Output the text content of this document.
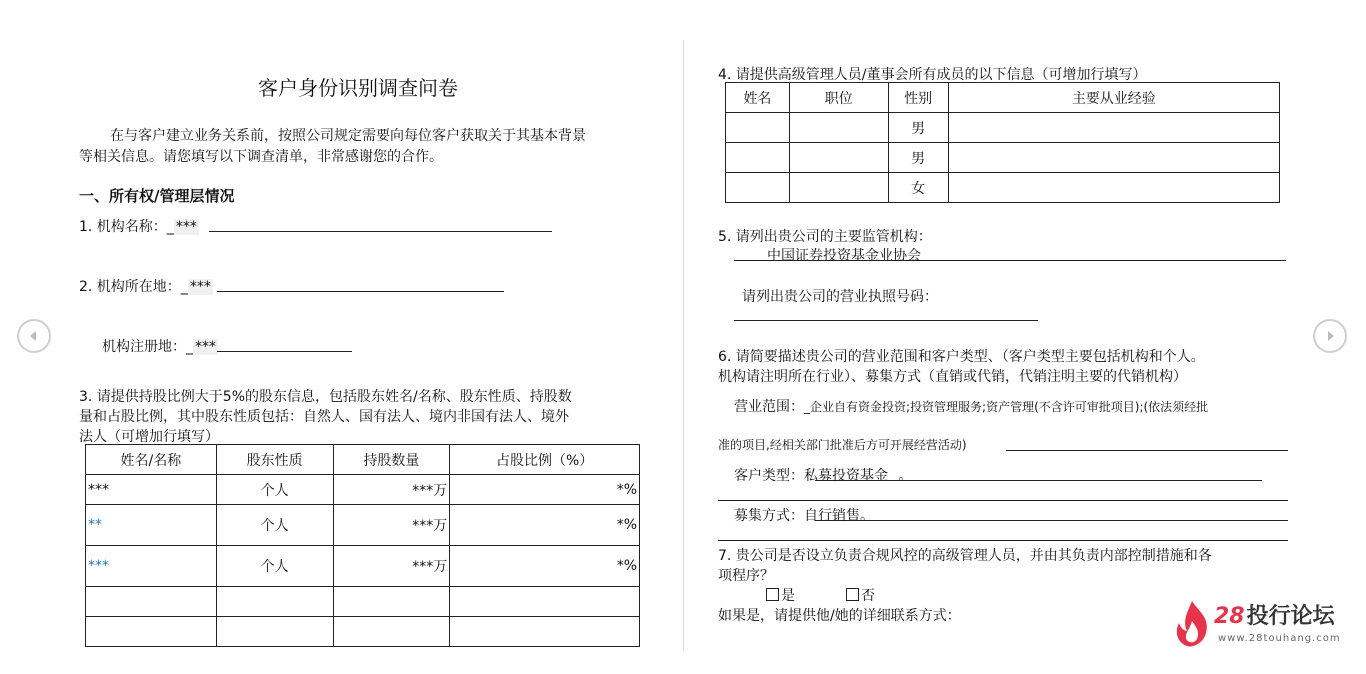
客户身份识别调查问卷
在与客户建立业务关系前，按照公司规定需要向每位客户获取关于其基本背景
等相关信息。请您填写以下调查清单，非常感谢您的合作。
一、所有权/管理层情况
1. 机构名称：_ ***
2. 机构所在地：_ ***
机构注册地：_ ***
3. 请提供持股比例大于5%的股东信息，包括股东姓名/名称、股东性质、持股数
量和占股比例，其中股东性质包括：自然人、国有法人、境内非国有法人、境外
法人（可增加行填写）
姓名/名称	股东性质	持股数量	占股比例（%）
***	个人	***万	*%
**	个人	***万	*%
***	个人	***万	*%

4. 请提供高级管理人员/董事会所有成员的以下信息（可增加行填写）
姓名	职位	性别	主要从业经验
		男	
		男	
		女	
5. 请列出贵公司的主要监管机构：
中国证券投资基金业协会
请列出贵公司的营业执照号码：
6. 请简要描述贵公司的营业范围和客户类型、（客户类型主要包括机构和个人。
机构请注明所在行业）、募集方式（直销或代销，代销注明主要的代销机构）
营业范围：_企业自有资金投资;投资管理服务;资产管理(不含许可审批项目);(依法须经批
准的项目,经相关部门批准后方可开展经营活动)
客户类型：私募投资基金 。
募集方式：自行销售。
7. 贵公司是否设立负责合规风控的高级管理人员，并由其负责内部控制措施和各
项程序？
是	否
如果是，请提供他/她的详细联系方式：	28投行论坛
www.28touhang.com
